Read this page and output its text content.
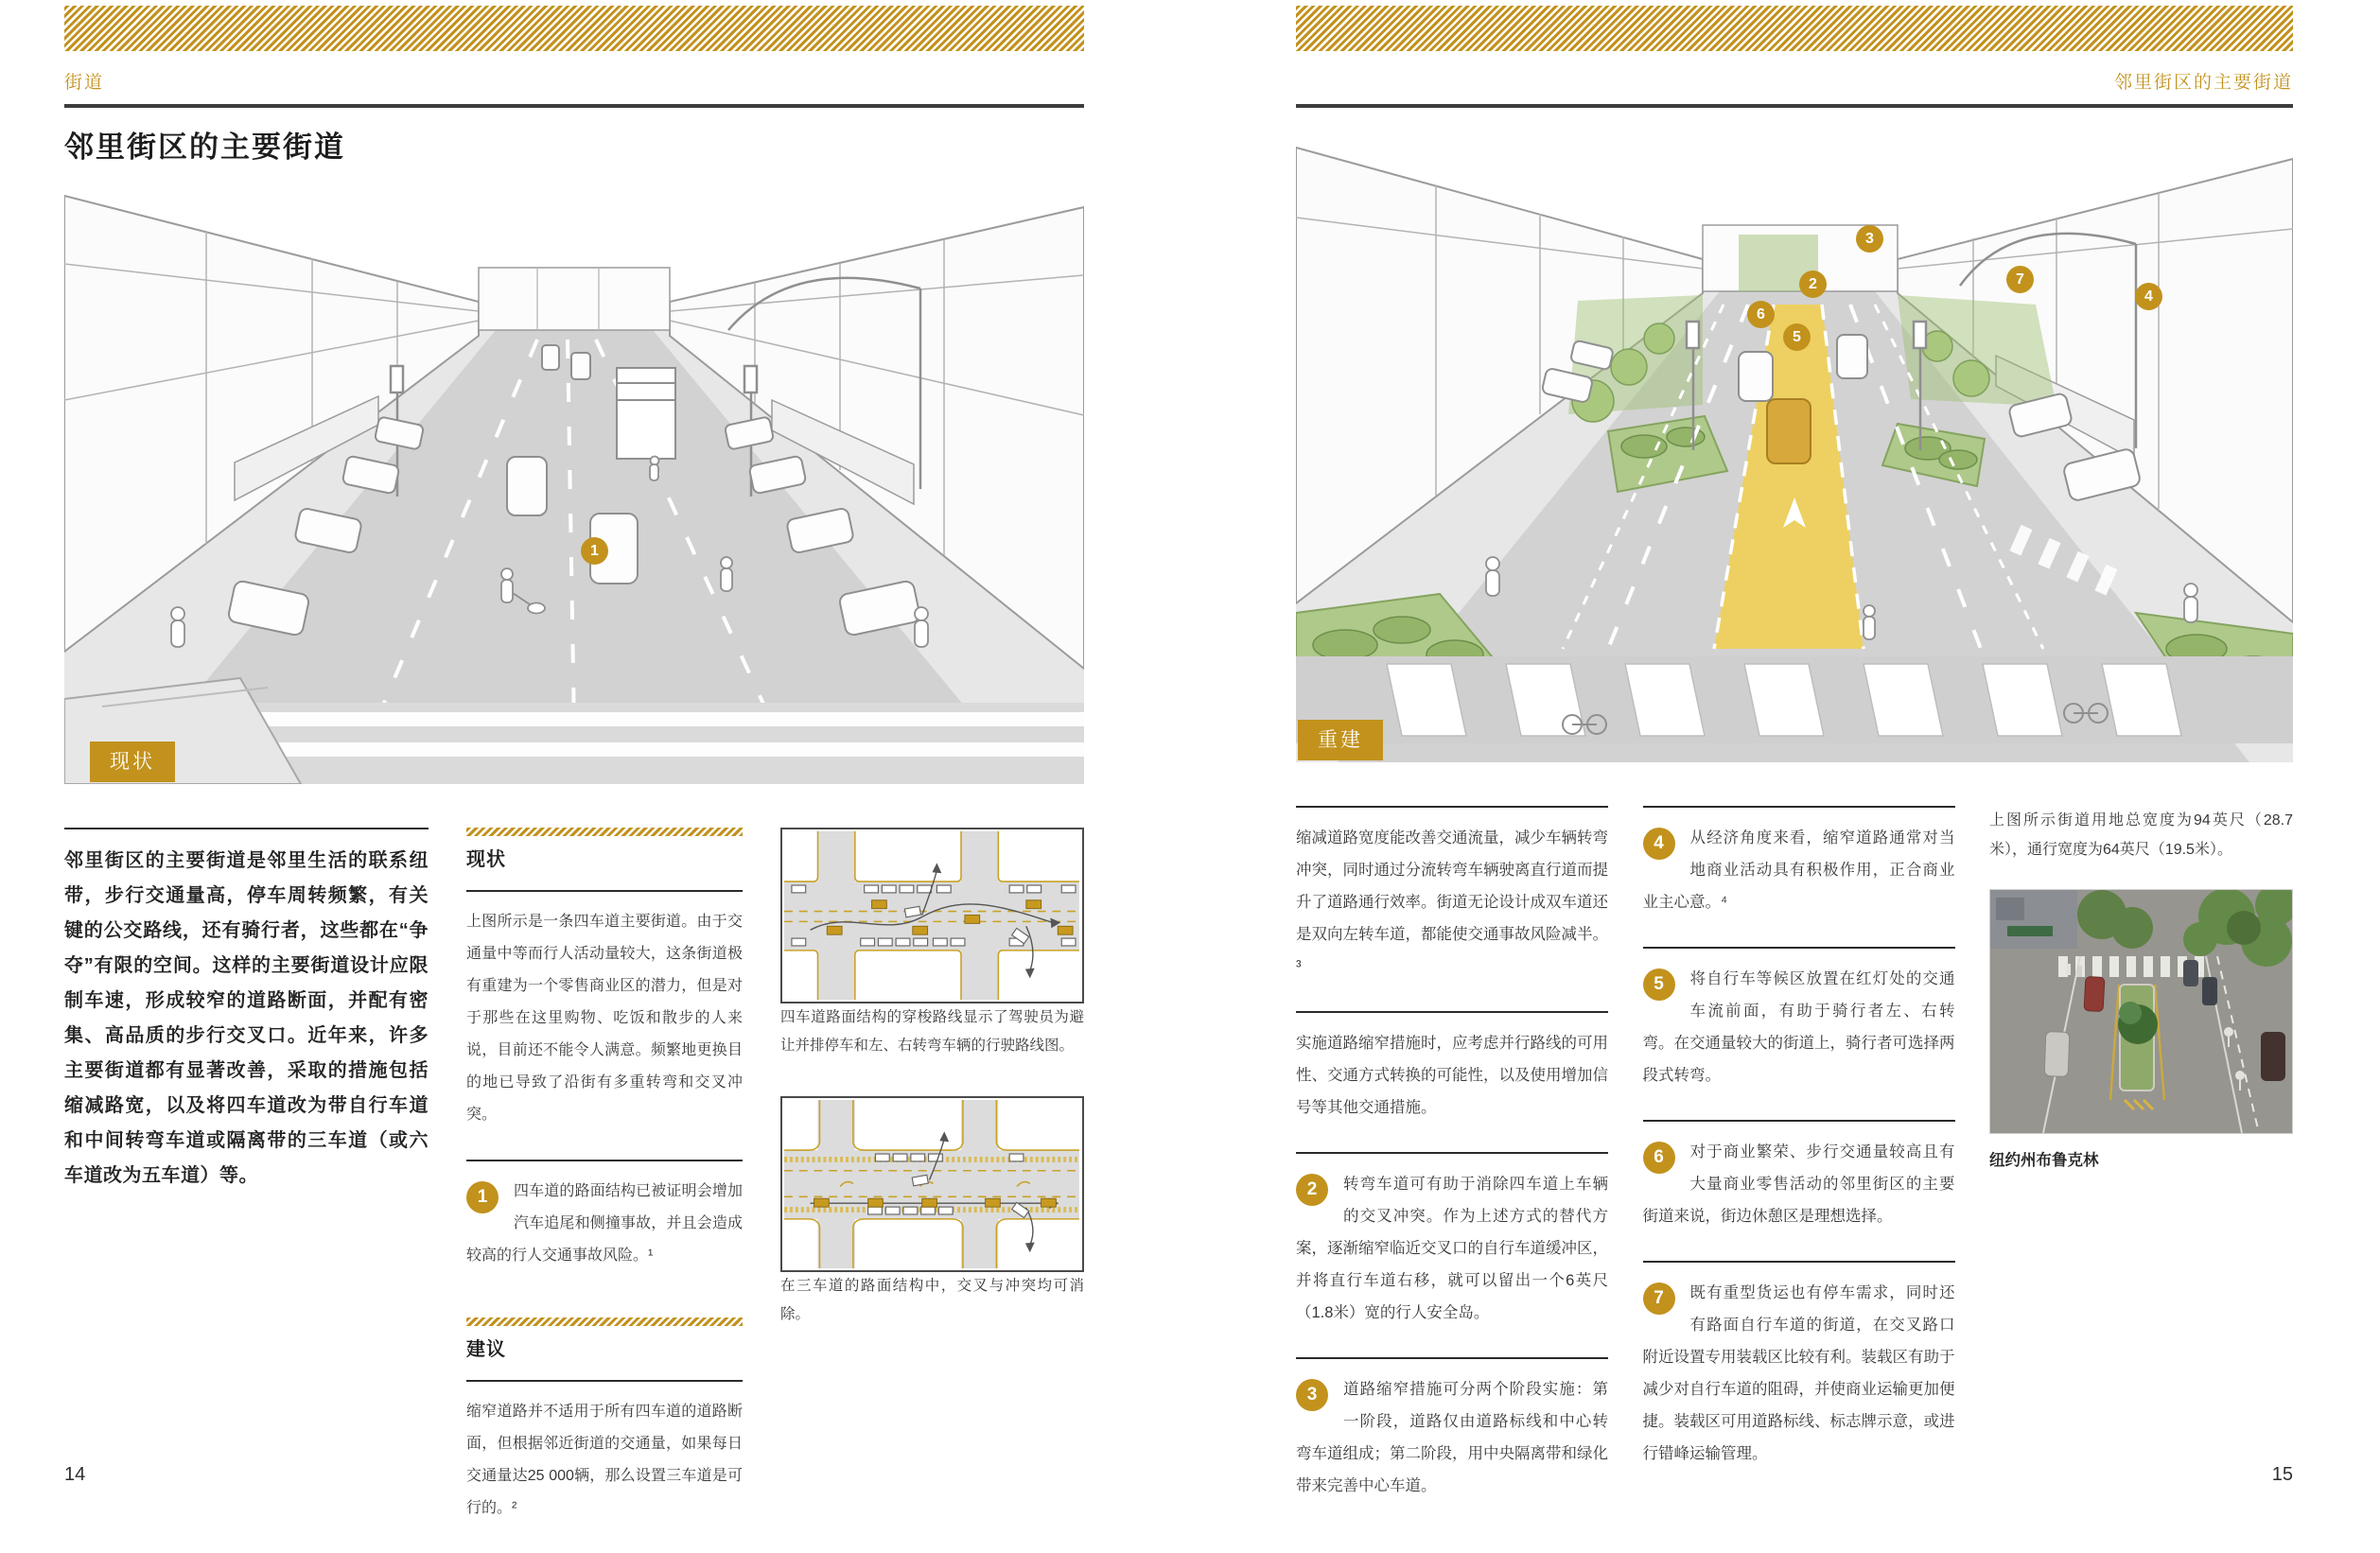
街道
邻里街区的主要街道
现状
1

邻里街区的主要街道是邻里生活的联系纽带，步行交通量高，停车周转频繁，有关键的公交路线，还有骑行者，这些都在“争夺”有限的空间。这样的主要街道设计应限制车速，形成较窄的道路断面，并配有密集、高品质的步行交叉口。近年来，许多主要街道都有显著改善，采取的措施包括缩减路宽，以及将四车道改为带自行车道和中间转弯车道或隔离带的三车道（或六车道改为五车道）等。

现状

上图所示是一条四车道主要街道。由于交通量中等而行人活动量较大，这条街道极有重建为一个零售商业区的潜力，但是对于那些在这里购物、吃饭和散步的人来说，目前还不能令人满意。频繁地更换目的地已导致了沿街有多重转弯和交叉冲突。

1	四车道的路面结构已被证明会增加汽车追尾和侧撞事故，并且会造成较高的行人交通事故风险。¹

建议

缩窄道路并不适用于所有四车道的道路断面，但根据邻近街道的交通量，如果每日交通量达25 000辆，那么设置三车道是可行的。²

四车道路面结构的穿梭路线显示了驾驶员为避让并排停车和左、右转弯车辆的行驶路线图。

在三车道的路面结构中，交叉与冲突均可消除。

邻里街区的主要街道
重建
2
3
4
5
6
7

缩减道路宽度能改善交通流量，减少车辆转弯冲突，同时通过分流转弯车辆驶离直行道而提升了道路通行效率。街道无论设计成双车道还是双向左转车道，都能使交通事故风险减半。³

实施道路缩窄措施时，应考虑并行路线的可用性、交通方式转换的可能性，以及使用增加信号等其他交通措施。

2	转弯车道可有助于消除四车道上车辆的交叉冲突。作为上述方式的替代方案，逐渐缩窄临近交叉口的自行车道缓冲区，并将直行车道右移，就可以留出一个6英尺（1.8米）宽的行人安全岛。

3	道路缩窄措施可分两个阶段实施：第一阶段，道路仅由道路标线和中心转弯车道组成；第二阶段，用中央隔离带和绿化带来完善中心车道。

4	从经济角度来看，缩窄道路通常对当地商业活动具有积极作用，正合商业业主心意。⁴

5	将自行车等候区放置在红灯处的交通车流前面，有助于骑行者左、右转弯。在交通量较大的街道上，骑行者可选择两段式转弯。

6	对于商业繁荣、步行交通量较高且有大量商业零售活动的邻里街区的主要街道来说，街边休憩区是理想选择。

7	既有重型货运也有停车需求，同时还有路面自行车道的街道，在交叉路口附近设置专用装载区比较有利。装载区有助于减少对自行车道的阻碍，并使商业运输更加便捷。装载区可用道路标线、标志牌示意，或进行错峰运输管理。

上图所示街道用地总宽度为94英尺（28.7米），通行宽度为64英尺（19.5米）。

纽约州布鲁克林
14	15
